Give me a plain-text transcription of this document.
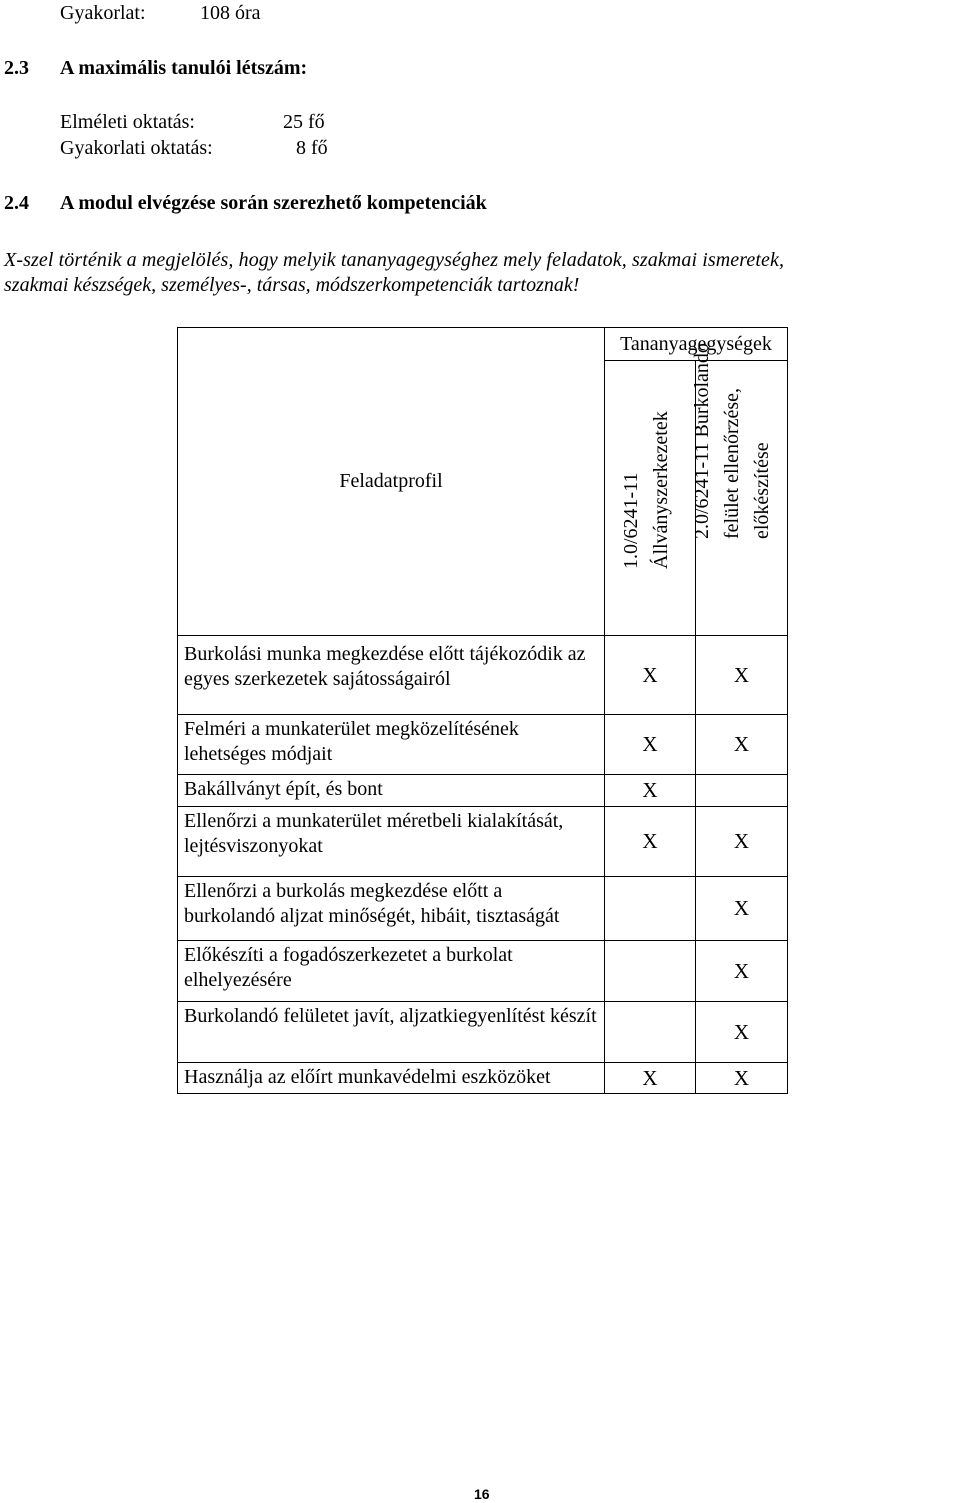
Gyakorlat:	108 óra
2.3 A maximális tanulói létszám:
Elméleti oktatás:	25 fő
Gyakorlati oktatás:	8 fő
2.4 A modul elvégzése során szerezhető kompetenciák
X-szel történik a megjelölés, hogy melyik tananyagegységhez mely feladatok, szakmai ismeretek,
szakmai készségek, személyes-, társas, módszerkompetenciák tartoznak!
Feladatprofil	Tananyagegységek	

	1.0/6241-11 Állványszerkezetek	2.0/6241-11 Burkolandó felület ellenőrzése, előkészítése

Burkolási munka megkezdése előtt tájékozódik az egyes szerkezetek sajátosságairól	X	X
Felméri a munkaterület megközelítésének lehetséges módjait	X	X
Bakállványt épít, és bont	X	
Ellenőrzi a munkaterület méretbeli kialakítását, lejtésviszonyokat	X	X
Ellenőrzi a burkolás megkezdése előtt a burkolandó aljzat minőségét, hibáit, tisztaságát		X
Előkészíti a fogadószerkezetet a burkolat elhelyezésére		X
Burkolandó felületet javít, aljzatkiegyenlítést készít		X
Használja az előírt munkavédelmi eszközöket	X	X
16
